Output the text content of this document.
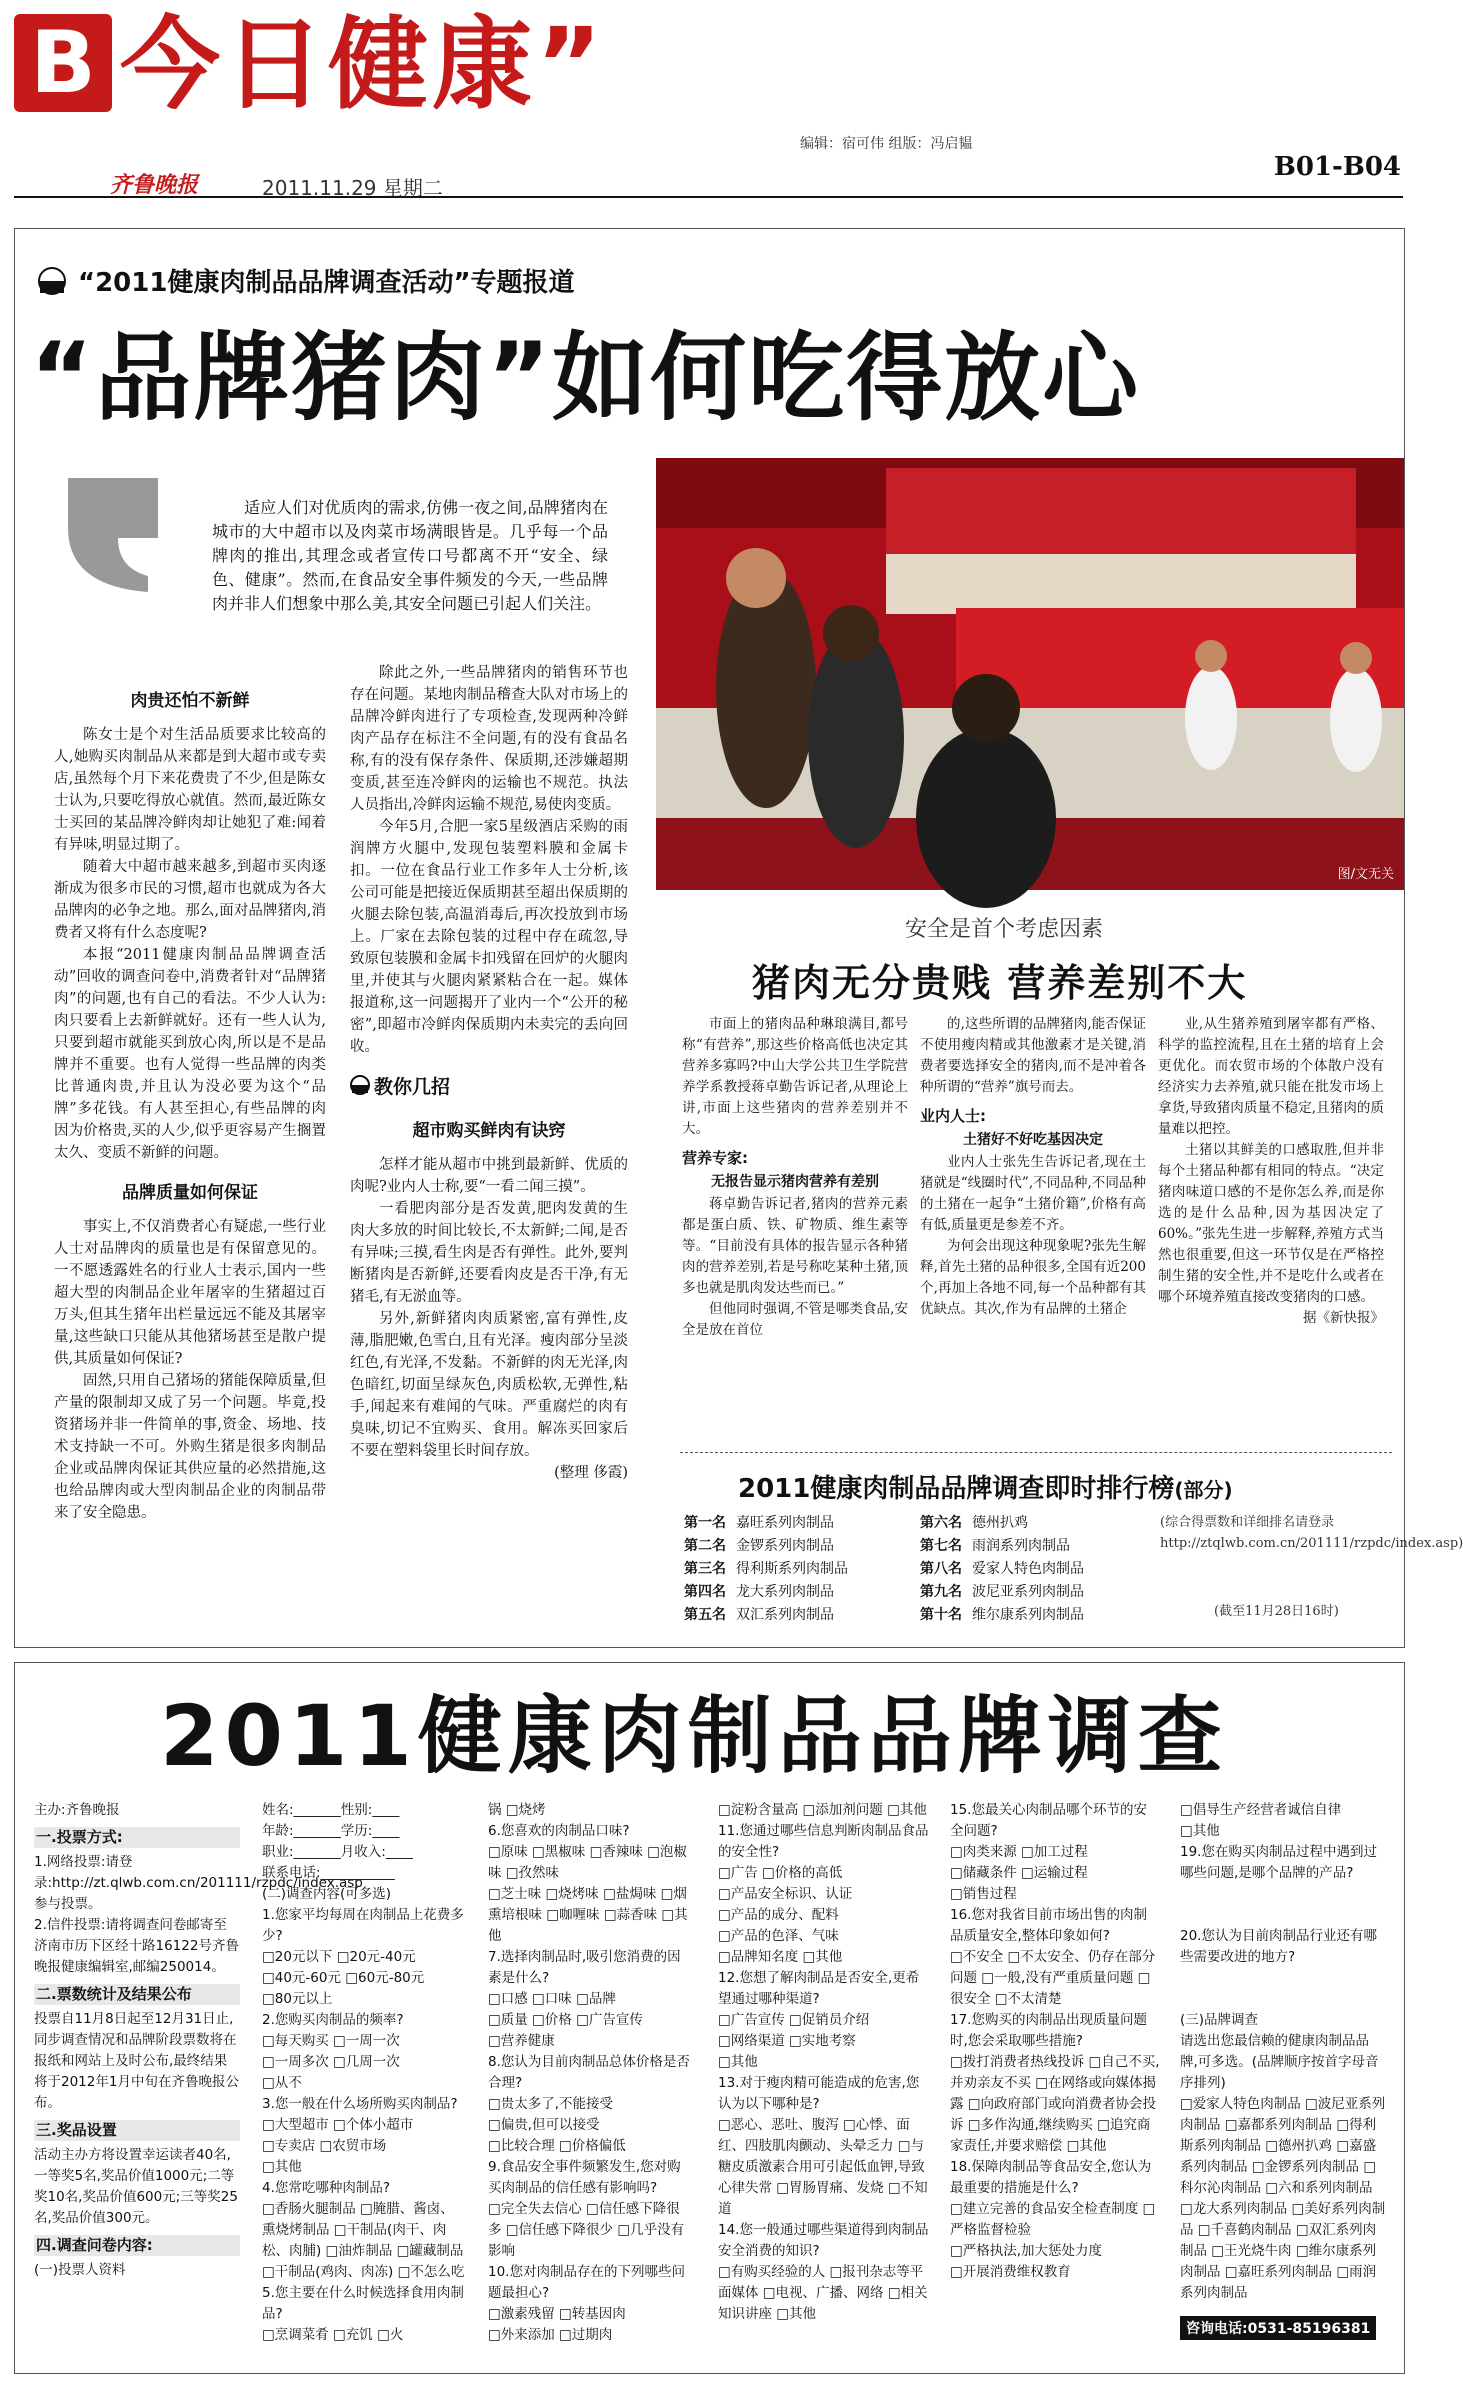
B 今日健康”
编辑：宿可伟 组版：冯启韫
齐鲁晚报	2011.11.29 星期二
B01-B04
“2011健康肉制品品牌调查活动”专题报道
“品牌猪肉”如何吃得放心

适应人们对优质肉的需求,仿佛一夜之间,品牌猪肉在城市的大中超市以及肉菜市场满眼皆是。几乎每一个品牌肉的推出,其理念或者宣传口号都离不开“安全、绿色、健康”。然而,在食品安全事件频发的今天,一些品牌肉并非人们想象中那么美,其安全问题已引起人们关注。

肉贵还怕不新鲜

陈女士是个对生活品质要求比较高的人,她购买肉制品从来都是到大超市或专卖店,虽然每个月下来花费贵了不少,但是陈女士认为,只要吃得放心就值。然而,最近陈女士买回的某品牌冷鲜肉却让她犯了难:闻着有异味,明显过期了。

随着大中超市越来越多,到超市买肉逐渐成为很多市民的习惯,超市也就成为各大品牌肉的必争之地。那么,面对品牌猪肉,消费者又将有什么态度呢?

本报“2011健康肉制品品牌调查活动”回收的调查问卷中,消费者针对“品牌猪肉”的问题,也有自己的看法。不少人认为:肉只要看上去新鲜就好。还有一些人认为,只要到超市就能买到放心肉,所以是不是品牌并不重要。也有人觉得一些品牌的肉类比普通肉贵,并且认为没必要为这个“品牌”多花钱。有人甚至担心,有些品牌的肉因为价格贵,买的人少,似乎更容易产生搁置太久、变质不新鲜的问题。

品牌质量如何保证

事实上,不仅消费者心有疑虑,一些行业人士对品牌肉的质量也是有保留意见的。一不愿透露姓名的行业人士表示,国内一些超大型的肉制品企业年屠宰的生猪超过百万头,但其生猪年出栏量远远不能及其屠宰量,这些缺口只能从其他猪场甚至是散户提供,其质量如何保证?

固然,只用自己猪场的猪能保障质量,但产量的限制却又成了另一个问题。毕竟,投资猪场并非一件简单的事,资金、场地、技术支持缺一不可。外购生猪是很多肉制品企业或品牌肉保证其供应量的必然措施,这也给品牌肉或大型肉制品企业的肉制品带来了安全隐患。

除此之外,一些品牌猪肉的销售环节也存在问题。某地肉制品稽查大队对市场上的品牌冷鲜肉进行了专项检查,发现两种冷鲜肉产品存在标注不全问题,有的没有食品名称,有的没有保存条件、保质期,还涉嫌超期变质,甚至连冷鲜肉的运输也不规范。执法人员指出,冷鲜肉运输不规范,易使肉变质。

今年5月,合肥一家5星级酒店采购的雨润牌方火腿中,发现包装塑料膜和金属卡扣。一位在食品行业工作多年人士分析,该公司可能是把接近保质期甚至超出保质期的火腿去除包装,高温消毒后,再次投放到市场上。厂家在去除包装的过程中存在疏忽,导致原包装膜和金属卡扣残留在回炉的火腿肉里,并使其与火腿肉紧紧粘合在一起。媒体报道称,这一问题揭开了业内一个“公开的秘密”,即超市冷鲜肉保质期内未卖完的丢向回收。

教你几招

超市购买鲜肉有诀窍

怎样才能从超市中挑到最新鲜、优质的肉呢?业内人士称,要“一看二闻三摸”。

一看肥肉部分是否发黄,肥肉发黄的生肉大多放的时间比较长,不太新鲜;二闻,是否有异味;三摸,看生肉是否有弹性。此外,要判断猪肉是否新鲜,还要看肉皮是否干净,有无猪毛,有无淤血等。

另外,新鲜猪肉肉质紧密,富有弹性,皮薄,脂肥嫩,色雪白,且有光泽。瘦肉部分呈淡红色,有光泽,不发黏。不新鲜的肉无光泽,肉色暗红,切面呈绿灰色,肉质松软,无弹性,粘手,闻起来有难闻的气味。严重腐烂的肉有臭味,切记不宜购买、食用。解冻买回家后不要在塑料袋里长时间存放。

(整理 侈霞)

图/文无关
安全是首个考虑因素
猪肉无分贵贱 营养差别不大

市面上的猪肉品种琳琅满目,都号称“有营养”,那这些价格高低也决定其营养多寡吗?中山大学公共卫生学院营养学系教授蒋卓勤告诉记者,从理论上讲,市面上这些猪肉的营养差别并不大。

营养专家:

无报告显示猪肉营养有差别

蒋卓勤告诉记者,猪肉的营养元素都是蛋白质、铁、矿物质、维生素等等。“目前没有具体的报告显示各种猪肉的营养差别,若是号称吃某种土猪,顶多也就是肌肉发达些而已。”

但他同时强调,不管是哪类食品,安全是放在首位

的,这些所谓的品牌猪肉,能否保证不使用瘦肉精或其他激素才是关键,消费者要选择安全的猪肉,而不是冲着各种所谓的“营养”旗号而去。

业内人士:

土猪好不好吃基因决定

业内人士张先生告诉记者,现在土猪就是“线圈时代”,不同品种,不同品种的土猪在一起争“土猪价籍”,价格有高有低,质量更是参差不齐。

为何会出现这种现象呢?张先生解释,首先土猪的品种很多,全国有近200个,再加上各地不同,每一个品种都有其优缺点。其次,作为有品牌的土猪企

业,从生猪养殖到屠宰都有严格、科学的监控流程,且在土猪的培育上会更优化。而农贸市场的个体散户没有经济实力去养殖,就只能在批发市场上拿货,导致猪肉质量不稳定,且猪肉的质量难以把控。

土猪以其鲜美的口感取胜,但并非每个土猪品种都有相同的特点。“决定猪肉味道口感的不是你怎么养,而是你选的是什么品种,因为基因决定了60%。”张先生进一步解释,养殖方式当然也很重要,但这一环节仅是在严格控制生猪的安全性,并不是吃什么或者在哪个环境养殖直接改变猪肉的口感。

据《新快报》

2011健康肉制品品牌调查即时排行榜(部分)
第一名 嘉旺系列肉制品
第二名 金锣系列肉制品
第三名 得利斯系列肉制品
第四名 龙大系列肉制品
第五名 双汇系列肉制品
第六名 德州扒鸡
第七名 雨润系列肉制品
第八名 爱家人特色肉制品
第九名 波尼亚系列肉制品
第十名 维尔康系列肉制品
(综合得票数和详细排名请登录http://ztqlwb.com.cn/201111/rzpdc/index.asp)
(截至11月28日16时)
2011健康肉制品品牌调查

主办:齐鲁晚报

一.投票方式:

1.网络投票:请登录:http://zt.qlwb.com.cn/201111/rzpdc/index.asp参与投票。

2.信件投票:请将调查问卷邮寄至济南市历下区经十路16122号齐鲁晚报健康编辑室,邮编250014。

二.票数统计及结果公布

投票自11月8日起至12月31日止,同步调查情况和品牌阶段票数将在报纸和网站上及时公布,最终结果将于2012年1月中旬在齐鲁晚报公布。

三.奖品设置

活动主办方将设置幸运读者40名,一等奖5名,奖品价值1000元;二等奖10名,奖品价值600元;三等奖25名,奖品价值300元。

四.调查问卷内容:

(一)投票人资料

姓名:_______性别:____

年龄:_______学历:____

职业:_______月收入:____

联系电话:___________

(二)调查内容(可多选)

1.您家平均每周在肉制品上花费多少?

□20元以下 □20元-40元

□40元-60元 □60元-80元

□80元以上

2.您购买肉制品的频率?

□每天购买 □一周一次

□一周多次 □几周一次

□从不

3.您一般在什么场所购买肉制品?

□大型超市 □个体小超市

□专卖店 □农贸市场

□其他

4.您常吃哪种肉制品?

□香肠火腿制品 □腌腊、酱卤、熏烧烤制品 □干制品(肉干、肉松、肉脯) □油炸制品 □罐藏制品 □干制品(鸡肉、肉冻) □不怎么吃

5.您主要在什么时候选择食用肉制品?

□烹调菜肴 □充饥 □火

锅 □烧烤

6.您喜欢的肉制品口味?

□原味 □黑椒味 □香辣味 □泡椒味 □孜然味

□芝士味 □烧烤味 □盐焗味 □烟熏培根味 □咖喱味 □蒜香味 □其他

7.选择肉制品时,吸引您消费的因素是什么?

□口感 □口味 □品牌

□质量 □价格 □广告宣传

□营养健康

8.您认为目前肉制品总体价格是否合理?

□贵太多了,不能接受

□偏贵,但可以接受

□比较合理 □价格偏低

9.食品安全事件频繁发生,您对购买肉制品的信任感有影响吗?

□完全失去信心 □信任感下降很多 □信任感下降很少 □几乎没有影响

10.您对肉制品存在的下列哪些问题最担心?

□激素残留 □转基因肉

□外来添加 □过期肉

□淀粉含量高 □添加剂问题 □其他

11.您通过哪些信息判断肉制品食品的安全性?

□广告 □价格的高低

□产品安全标识、认证

□产品的成分、配料

□产品的色泽、气味

□品牌知名度 □其他

12.您想了解肉制品是否安全,更希望通过哪种渠道?

□广告宣传 □促销员介绍

□网络渠道 □实地考察

□其他

13.对于瘦肉精可能造成的危害,您认为以下哪种是?

□恶心、恶吐、腹泻 □心悸、面红、四肢肌肉颤动、头晕乏力 □与糖皮质激素合用可引起低血钾,导致心律失常 □胃肠胃痛、发烧 □不知道

14.您一般通过哪些渠道得到肉制品安全消费的知识?

□有购买经验的人 □报刊杂志等平面媒体 □电视、广播、网络 □相关知识讲座 □其他

15.您最关心肉制品哪个环节的安全问题?

□肉类来源 □加工过程

□储藏条件 □运输过程

□销售过程

16.您对我省目前市场出售的肉制品质量安全,整体印象如何?

□不安全 □不太安全、仍存在部分问题 □一般,没有严重质量问题 □很安全 □不太清楚

17.您购买的肉制品出现质量问题时,您会采取哪些措施?

□拨打消费者热线投诉 □自己不买,并劝亲友不买 □在网络或向媒体揭露 □向政府部门或向消费者协会投诉 □多作沟通,继续购买 □追究商家责任,并要求赔偿 □其他

18.保障肉制品等食品安全,您认为最重要的措施是什么?

□建立完善的食品安全检查制度 □严格监督检验

□严格执法,加大惩处力度

□开展消费维权教育

□倡导生产经营者诚信自律

□其他

19.您在购买肉制品过程中遇到过哪些问题,是哪个品牌的产品?

20.您认为目前肉制品行业还有哪些需要改进的地方?

(三)品牌调查

请选出您最信赖的健康肉制品品牌,可多选。(品牌顺序按首字母音序排列)

□爱家人特色肉制品 □波尼亚系列肉制品 □嘉都系列肉制品 □得利斯系列肉制品 □德州扒鸡 □嘉盛系列肉制品 □金锣系列肉制品 □科尔沁肉制品 □六和系列肉制品 □龙大系列肉制品 □美好系列肉制品 □千喜鹤肉制品 □双汇系列肉制品 □王光烧牛肉 □维尔康系列肉制品 □嘉旺系列肉制品 □雨润系列肉制品

咨询电话:0531-85196381
